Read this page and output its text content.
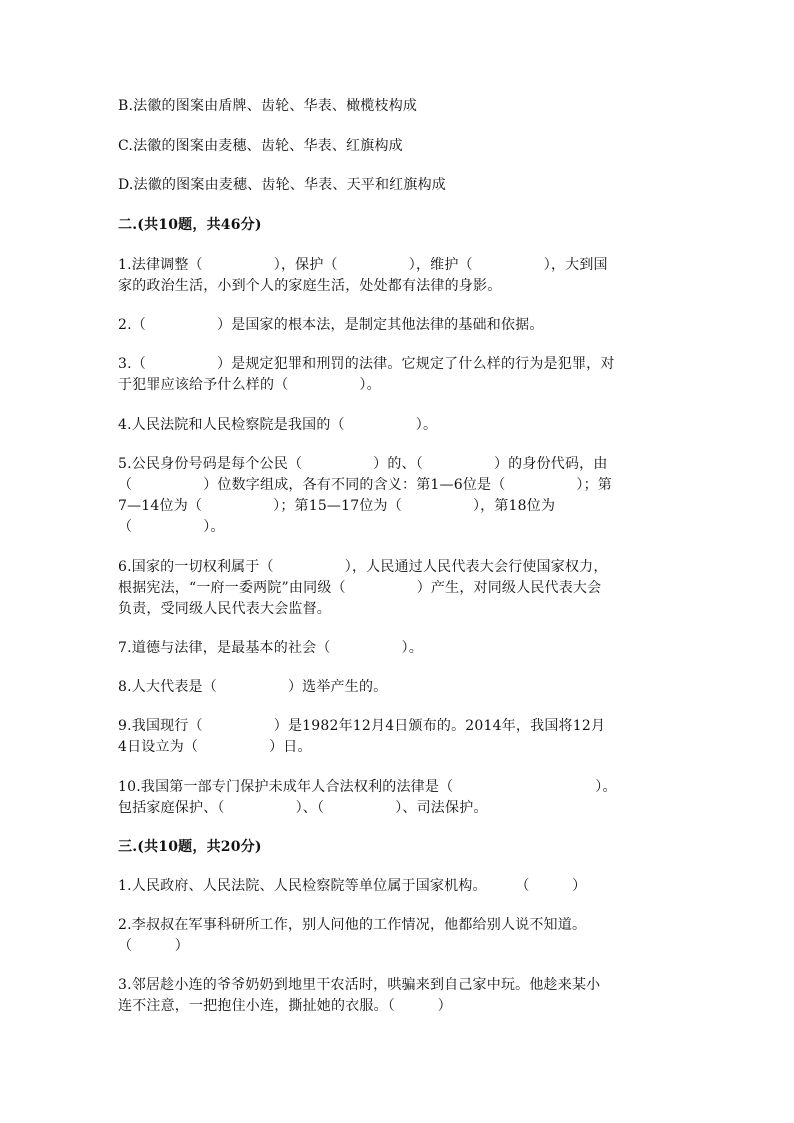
B.法徽的图案由盾牌、齿轮、华表、橄榄枝构成
C.法徽的图案由麦穗、齿轮、华表、红旗构成
D.法徽的图案由麦穗、齿轮、华表、天平和红旗构成
二.(共10题，共46分)
1.法律调整（　　　　　），保护（　　　　　），维护（　　　　　），大到国
家的政治生活，小到个人的家庭生活，处处都有法律的身影。
2.（　　　　　）是国家的根本法，是制定其他法律的基础和依据。
3.（　　　　　）是规定犯罪和刑罚的法律。它规定了什么样的行为是犯罪，对
于犯罪应该给予什么样的（　　　　　）。
4.人民法院和人民检察院是我国的（　　　　　）。
5.公民身份号码是每个公民（　　　　　）的、（　　　　　）的身份代码，由
（　　　　　）位数字组成，各有不同的含义：第1—6位是（　　　　　）；第
7—14位为（　　　　　）；第15—17位为（　　　　　），第18位为
（　　　　　）。
6.国家的一切权利属于（　　　　　），人民通过人民代表大会行使国家权力，
根据宪法，“一府一委两院”由同级（　　　　　）产生，对同级人民代表大会
负责，受同级人民代表大会监督。
7.道德与法律，是最基本的社会（　　　　　）。
8.人大代表是（　　　　　）选举产生的。
9.我国现行（　　　　　）是1982年12月4日颁布的。2014年，我国将12月
4日设立为（　　　　　）日。
10.我国第一部专门保护未成年人合法权利的法律是（　　　　　　　　　　）。
包括家庭保护、（　　　　　）、（　　　　　）、司法保护。
三.(共10题，共20分)
1.人民政府、人民法院、人民检察院等单位属于国家机构。　　　（　　　）
2.李叔叔在军事科研所工作，别人问他的工作情况，他都给别人说不知道。
（　　　）
3.邻居趁小连的爷爷奶奶到地里干农活时，哄骗来到自己家中玩。他趁来某小
连不注意，一把抱住小连，撕扯她的衣服。（　　　）
